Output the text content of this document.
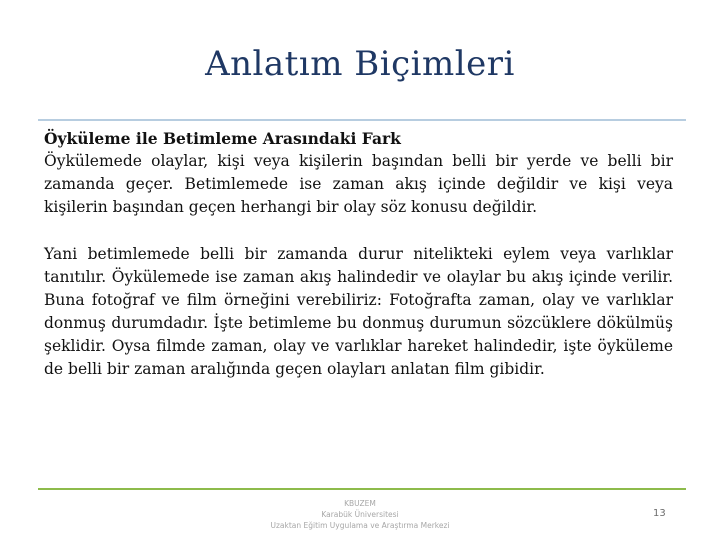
Anlatım Biçimleri
Öyküleme ile Betimleme Arasındaki Fark

Öykülemede olaylar, kişi veya kişilerin başından belli bir yerde ve belli bir zamanda geçer. Betimlemede ise zaman akış içinde değildir ve kişi veya kişilerin başından geçen herhangi bir olay söz konusu değildir.

Yani betimlemede belli bir zamanda durur nitelikteki eylem veya varlıklar tanıtılır. Öykülemede ise zaman akış halindedir ve olaylar bu akış içinde verilir. Buna fotoğraf ve film örneğini verebiliriz: Fotoğrafta zaman, olay ve varlıklar donmuş durumdadır. İşte betimleme bu donmuş durumun sözcüklere dökülmüş şeklidir. Oysa filmde zaman, olay ve varlıklar hareket halindedir, işte öyküleme de belli bir zaman aralığında geçen olayları anlatan film gibidir.

KBUZEM
Karabük Üniversitesi
Uzaktan Eğitim Uygulama ve Araştırma Merkezi
13
